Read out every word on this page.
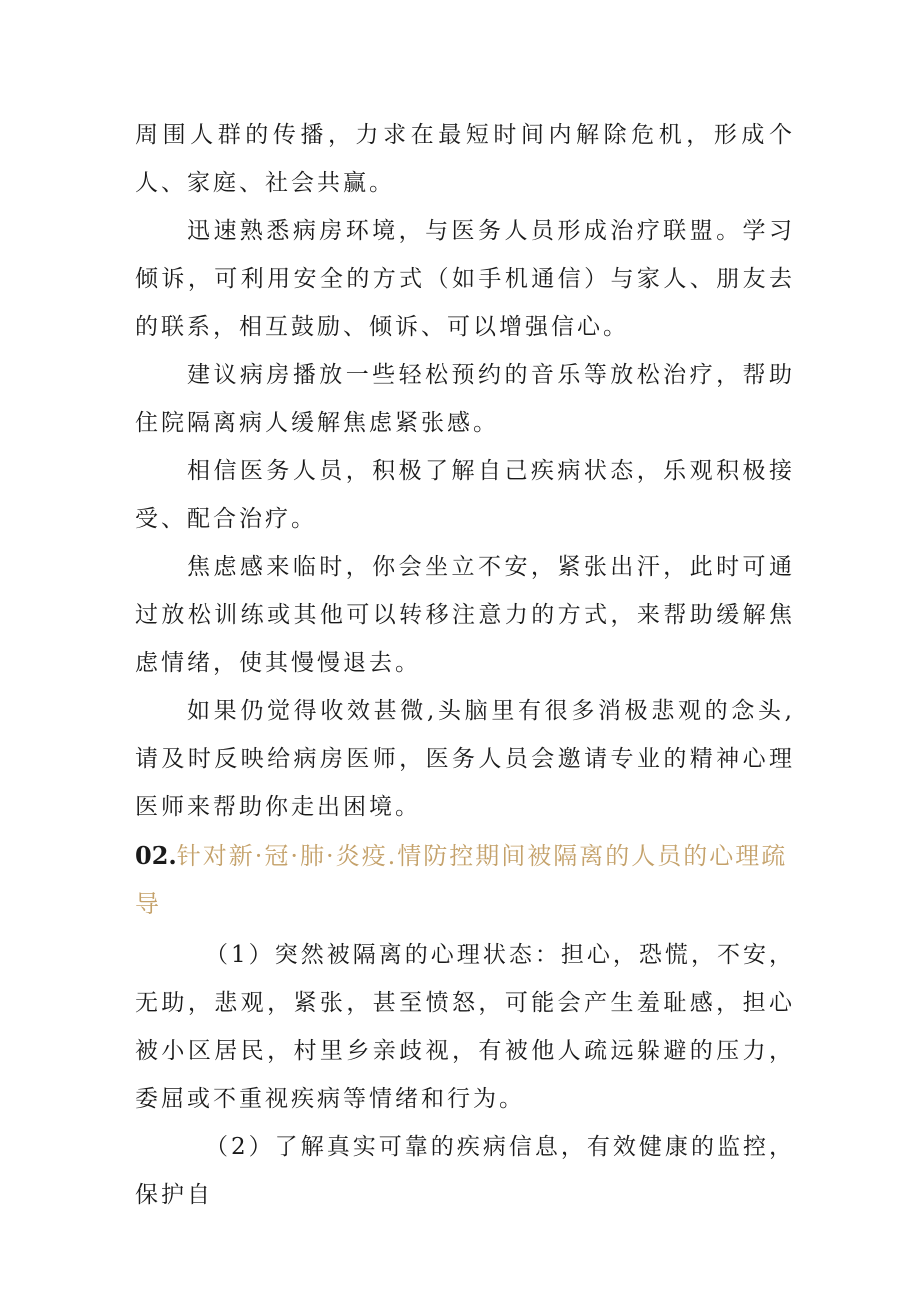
周围人群的传播，力求在最短时间内解除危机，形成个人、家庭、社会共赢。

迅速熟悉病房环境，与医务人员形成治疗联盟。学习倾诉，可利用安全的方式（如手机通信）与家人、朋友去的联系，相互鼓励、倾诉、可以增强信心。

建议病房播放一些轻松预约的音乐等放松治疗，帮助住院隔离病人缓解焦虑紧张感。

相信医务人员，积极了解自己疾病状态，乐观积极接受、配合治疗。

焦虑感来临时，你会坐立不安，紧张出汗，此时可通过放松训练或其他可以转移注意力的方式，来帮助缓解焦虑情绪，使其慢慢退去。

如果仍觉得收效甚微,头脑里有很多消极悲观的念头,请及时反映给病房医师，医务人员会邀请专业的精神心理医师来帮助你走出困境。

02.针对新·冠·肺·炎疫.情防控期间被隔离的人员的心理疏导

（1）突然被隔离的心理状态：担心，恐慌，不安，无助，悲观，紧张，甚至愤怒，可能会产生羞耻感，担心被小区居民，村里乡亲歧视，有被他人疏远躲避的压力，委屈或不重视疾病等情绪和行为。

（2）了解真实可靠的疾病信息，有效健康的监控，保护自
